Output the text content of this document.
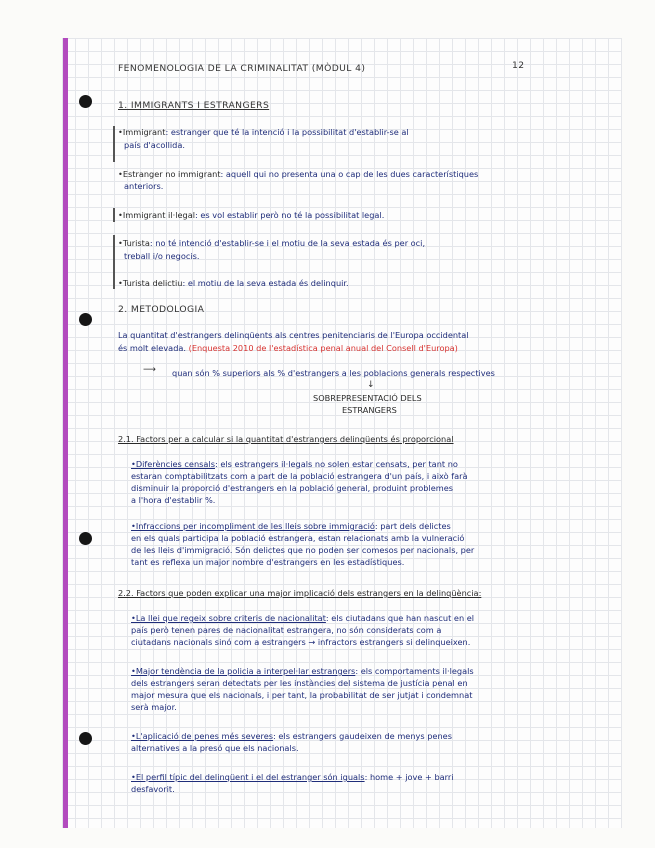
FENOMENOLOGIA DE LA CRIMINALITAT (MÒDUL 4)	12
1. IMMIGRANTS I ESTRANGERS
•Immigrant: estranger que té la intenció i la possibilitat d'establir-se al
país d'acollida.
•Estranger no immigrant: aquell qui no presenta una o cap de les dues característiques
anteriors.
•Immigrant il·legal: es vol establir però no té la possibilitat legal.
•Turista: no té intenció d'establir-se i el motiu de la seva estada és per oci,
treball i/o negocis.
•Turista delictiu: el motiu de la seva estada és delinquir.
2. METODOLOGIA
La quantitat d'estrangers delinqüents als centres penitenciaris de l'Europa occidental
és molt elevada. (Enquesta 2010 de l'estadística penal anual del Consell d'Europa)
⟶ quan són % superiors als % d'estrangers a les poblacions generals respectives
↓
SOBREPRESENTACIÓ DELS
ESTRANGERS
2.1. Factors per a calcular si la quantitat d'estrangers delinqüents és proporcional
•Diferències censals: els estrangers il·legals no solen estar censats, per tant no
estaran comptabilitzats com a part de la població estrangera d'un país, i això farà
disminuir la proporció d'estrangers en la població general, produint problemes
a l'hora d'establir %.
•Infraccions per incompliment de les lleis sobre immigració: part dels delictes
en els quals participa la població estrangera, estan relacionats amb la vulneració
de les lleis d'immigració. Són delictes que no poden ser comesos per nacionals, per
tant es reflexa un major nombre d'estrangers en les estadístiques.
2.2. Factors que poden explicar una major implicació dels estrangers en la delinqüència:
•La llei que regeix sobre criteris de nacionalitat: els ciutadans que han nascut en el
país però tenen pares de nacionalitat estrangera, no són considerats com a
ciutadans nacionals sinó com a estrangers → infractors estrangers si delinqueixen.
•Major tendència de la policia a interpel·lar estrangers: els comportaments il·legals
dels estrangers seran detectats per les instàncies del sistema de justícia penal en
major mesura que els nacionals, i per tant, la probabilitat de ser jutjat i condemnat
serà major.
•L'aplicació de penes més severes: els estrangers gaudeixen de menys penes
alternatives a la presó que els nacionals.
•El perfil típic del delinqüent i el del estranger són iguals: home + jove + barri
desfavorit.
